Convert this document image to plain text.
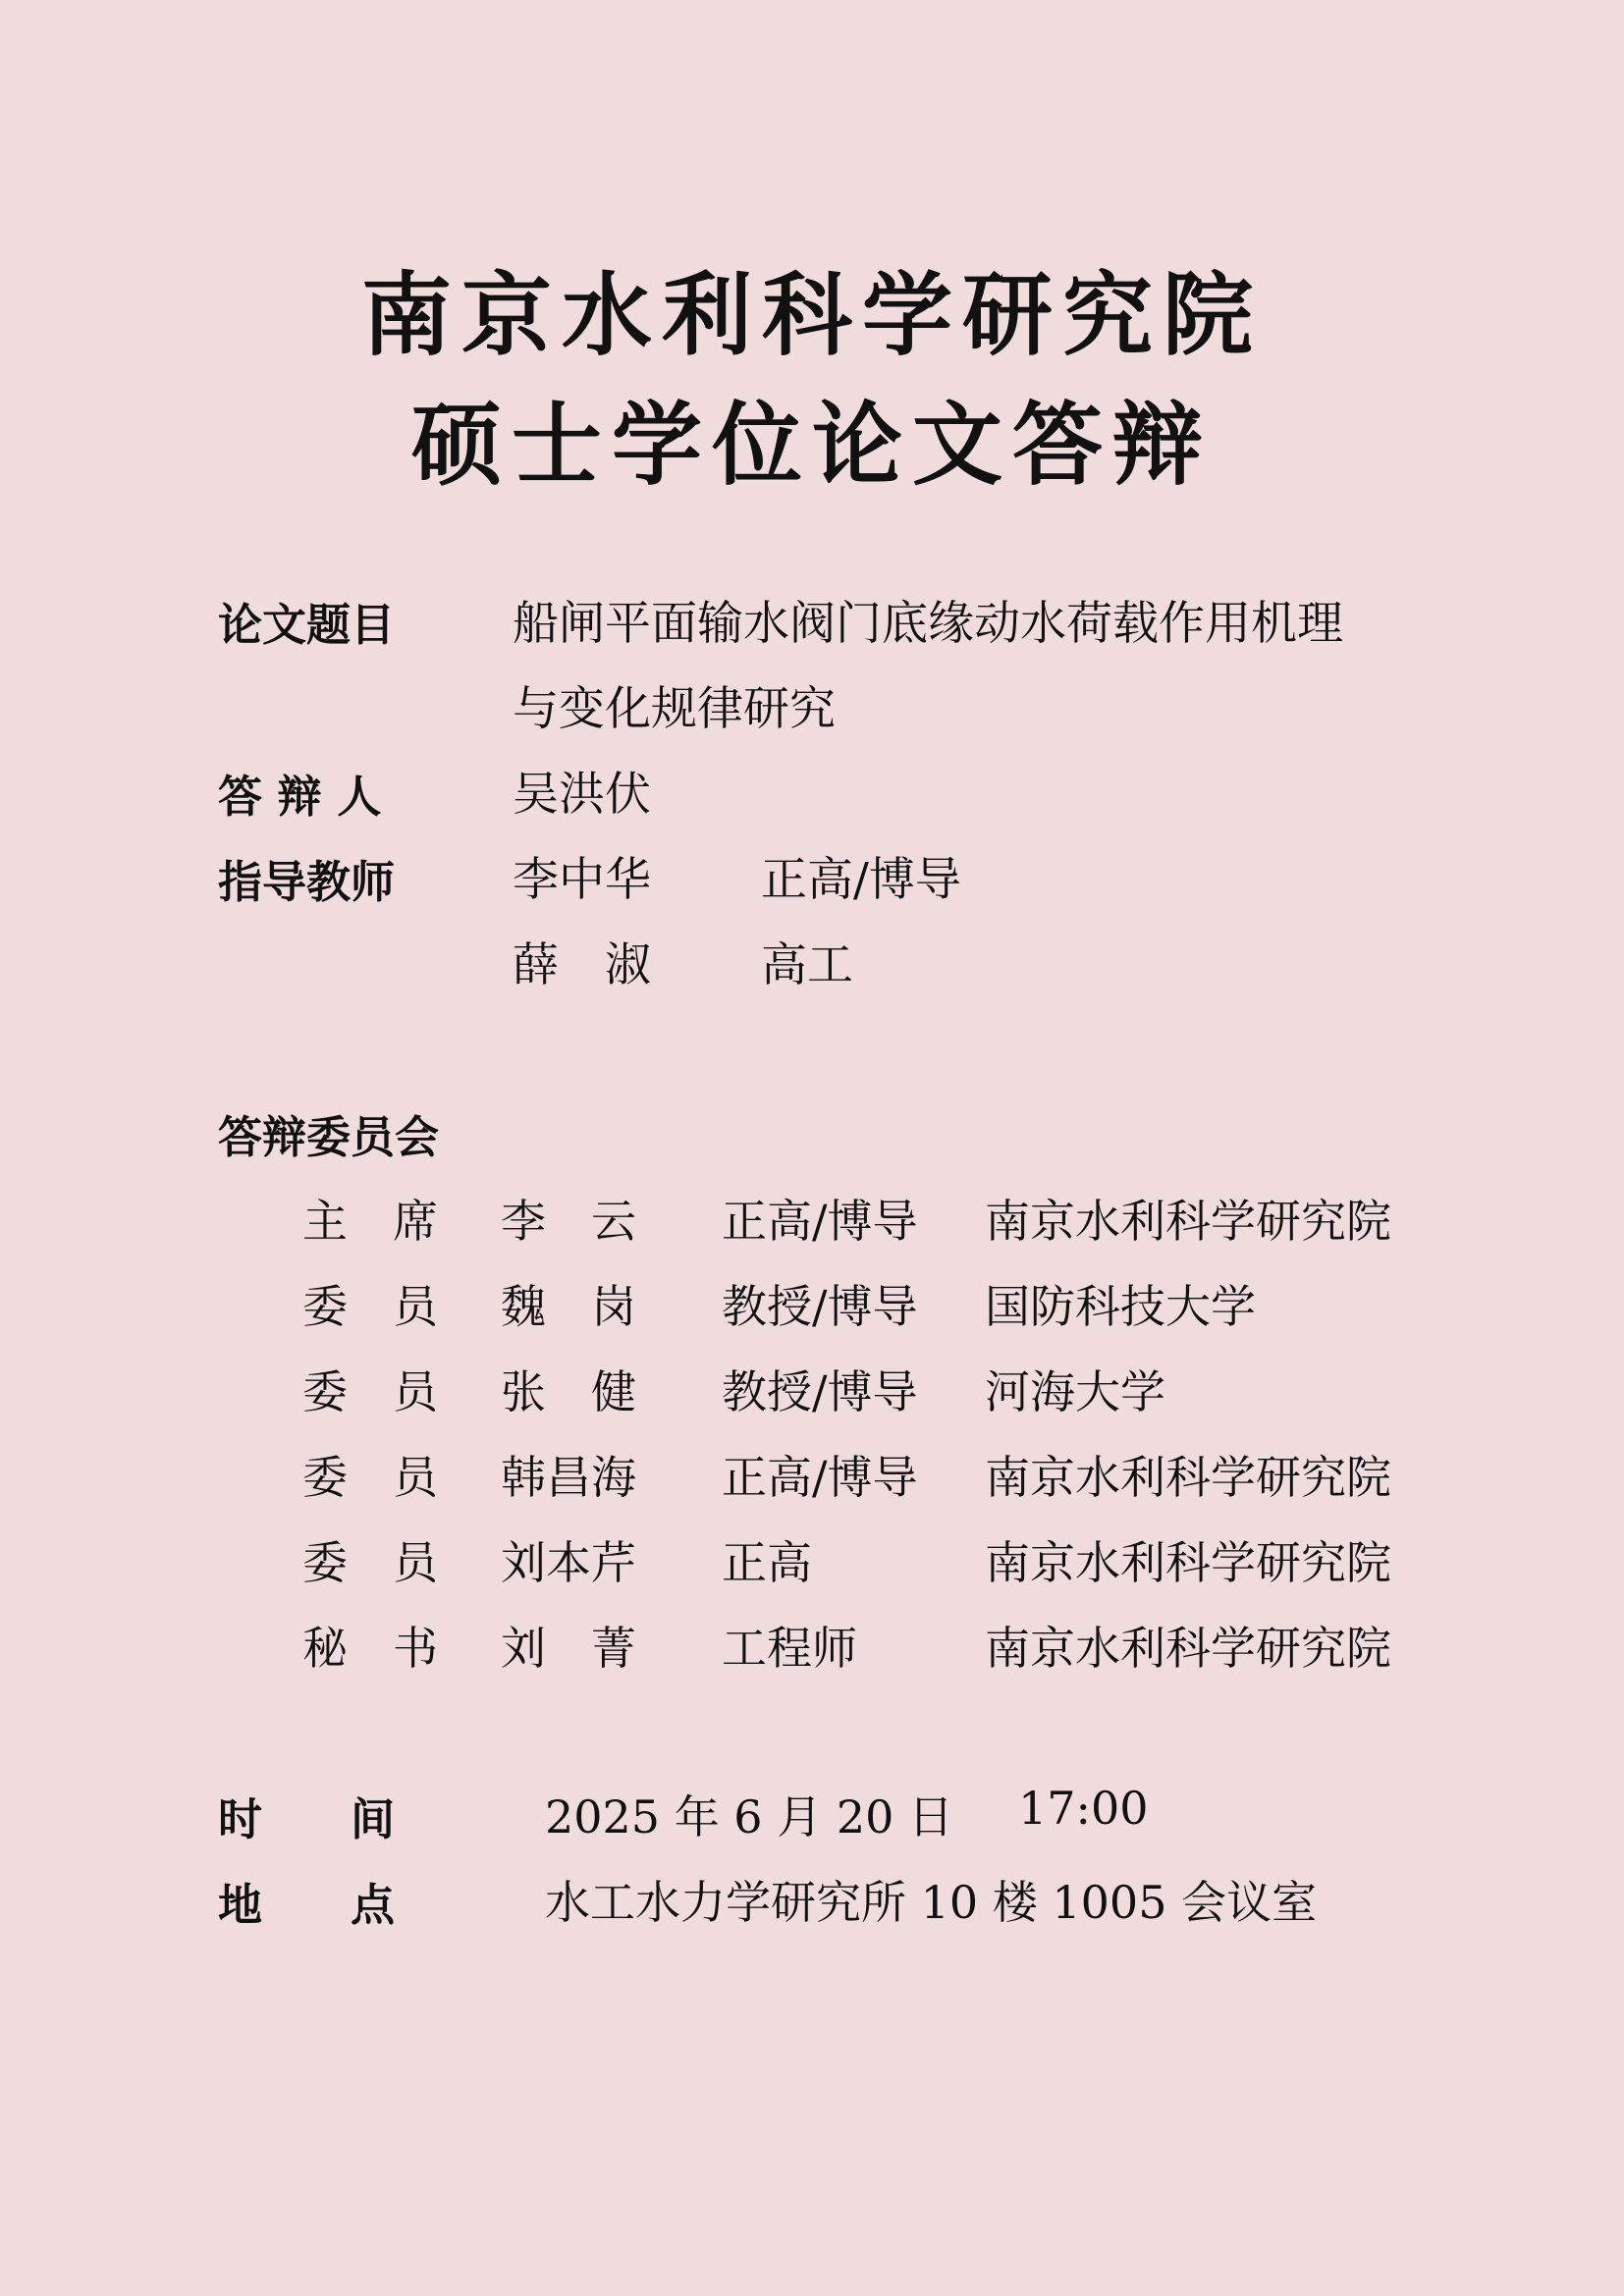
南京水利科学研究院
硕士学位论文答辩
论文题目	船闸平面输水阀门底缘动水荷载作用机理
与变化规律研究
答 辩 人	吴洪伏
指导教师	李中华 正高/博导
薛　淑 高工
答辩委员会
主　席 李　云 正高/博导 南京水利科学研究院
委　员 魏　岗 教授/博导 国防科技大学
委　员 张　健 教授/博导 河海大学
委　员 韩昌海 正高/博导 南京水利科学研究院
委　员 刘本芹 正高	南京水利科学研究院
秘　书 刘　菁 工程师	南京水利科学研究院
时　　间	2025 年 6 月 20 日 17:00
地　　点	水工水力学研究所 10 楼 1005 会议室
